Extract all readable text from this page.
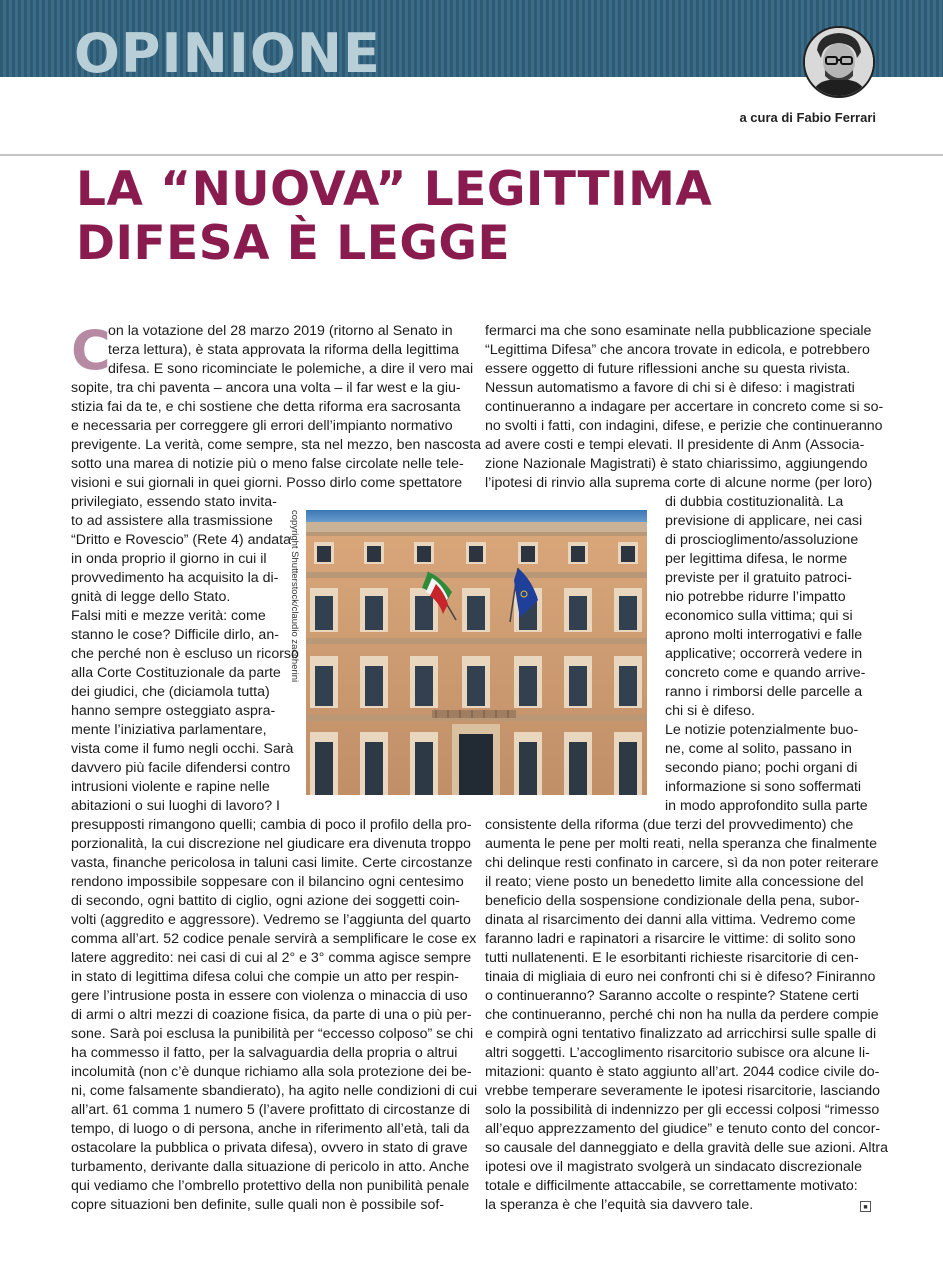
OPINIONE
a cura di Fabio Ferrari
LA “NUOVA” LEGITTIMA
DIFESA È LEGGE
C
copyright Shutterstock/claudio zaccherini
on la votazione del 28 marzo 2019 (ritorno al Senato in
terza lettura), è stata approvata la riforma della legittima
difesa. E sono ricominciate le polemiche, a dire il vero mai
sopite, tra chi paventa – ancora una volta – il far west e la giu-
stizia fai da te, e chi sostiene che detta riforma era sacrosanta
e necessaria per correggere gli errori dell’impianto normativo
previgente. La verità, come sempre, sta nel mezzo, ben nascosta
sotto una marea di notizie più o meno false circolate nelle tele-
visioni e sui giornali in quei giorni. Posso dirlo come spettatore
privilegiato, essendo stato invita-
to ad assistere alla trasmissione
“Dritto e Rovescio” (Rete 4) andata
in onda proprio il giorno in cui il
provvedimento ha acquisito la di-
gnità di legge dello Stato.
Falsi miti e mezze verità: come
stanno le cose? Difficile dirlo, an-
che perché non è escluso un ricorso
alla Corte Costituzionale da parte
dei giudici, che (diciamola tutta)
hanno sempre osteggiato aspra-
mente l’iniziativa parlamentare,
vista come il fumo negli occhi. Sarà
davvero più facile difendersi contro
intrusioni violente e rapine nelle
abitazioni o sui luoghi di lavoro? I
presupposti rimangono quelli; cambia di poco il profilo della pro-
porzionalità, la cui discrezione nel giudicare era divenuta troppo
vasta, financhе pericolosa in taluni casi limite. Certe circostanze
rendono impossibile soppesare con il bilancino ogni centesimo
di secondo, ogni battito di ciglio, ogni azione dei soggetti coin-
volti (aggredito e aggressore). Vedremo se l’aggiunta del quarto
comma all’art. 52 codice penale servirà a semplificare le cose ex
latere aggredito: nei casi di cui al 2° e 3° comma agisce sempre
in stato di legittima difesa colui che compie un atto per respin-
gere l’intrusione posta in essere con violenza o minaccia di uso
di armi o altri mezzi di coazione fisica, da parte di una o più per-
sone. Sarà poi esclusa la punibilità per “eccesso colposo” se chi
ha commesso il fatto, per la salvaguardia della propria o altrui
incolumità (non c’è dunque richiamo alla sola protezione dei be-
ni, come falsamente sbandierato), ha agito nelle condizioni di cui
all’art. 61 comma 1 numero 5 (l’avere profittato di circostanze di
tempo, di luogo o di persona, anche in riferimento all’età, tali da
ostacolare la pubblica o privata difesa), ovvero in stato di grave
turbamento, derivante dalla situazione di pericolo in atto. Anche
qui vediamo che l’ombrello protettivo della non punibilità penale
copre situazioni ben definite, sulle quali non è possibile sof-
fermarci ma che sono esaminate nella pubblicazione speciale
“Legittima Difesa” che ancora trovate in edicola, e potrebbero
essere oggetto di future riflessioni anche su questa rivista.
Nessun automatismo a favore di chi si è difeso: i magistrati
continueranno a indagare per accertare in concreto come si so-
no svolti i fatti, con indagini, difese, e perizie che continueranno
ad avere costi e tempi elevati. Il presidente di Anm (Associa-
zione Nazionale Magistrati) è stato chiarissimo, aggiungendo
l’ipotesi di rinvio alla suprema corte di alcune norme (per loro)
di dubbia costituzionalità. La
previsione di applicare, nei casi
di proscioglimento/assoluzione
per legittima difesa, le norme
previste per il gratuito patroci-
nio potrebbe ridurre l’impatto
economico sulla vittima; qui si
aprono molti interrogativi e falle
applicative; occorrerà vedere in
concreto come e quando arrive-
ranno i rimborsi delle parcelle a
chi si è difeso.
Le notizie potenzialmente buo-
ne, come al solito, passano in
secondo piano; pochi organi di
informazione si sono soffermati
in modo approfondito sulla parte
consistente della riforma (due terzi del provvedimento) che
aumenta le pene per molti reati, nella speranza che finalmente
chi delinque resti confinato in carcere, sì da non poter reiterare
il reato; viene posto un benedetto limite alla concessione del
beneficio della sospensione condizionale della pena, subor-
dinata al risarcimento dei danni alla vittima. Vedremo come
faranno ladri e rapinatori a risarcire le vittime: di solito sono
tutti nullatenenti. E le esorbitanti richieste risarcitorie di cen-
tinaia di migliaia di euro nei confronti chi si è difeso? Finiranno
o continueranno? Saranno accolte o respinte? Statene certi
che continueranno, perché chi non ha nulla da perdere compie
e compirà ogni tentativo finalizzato ad arricchirsi sulle spalle di
altri soggetti. L’accoglimento risarcitorio subisce ora alcune li-
mitazioni: quanto è stato aggiunto all’art. 2044 codice civile do-
vrebbe temperare severamente le ipotesi risarcitorie, lasciando
solo la possibilità di indennizzo per gli eccessi colposi “rimesso
all’equo apprezzamento del giudice” e tenuto conto del concor-
so causale del danneggiato e della gravità delle sue azioni. Altra
ipotesi ove il magistrato svolgerà un sindacato discrezionale
totale e difficilmente attaccabile, se correttamente motivato:
la speranza è che l’equità sia davvero tale.	■
